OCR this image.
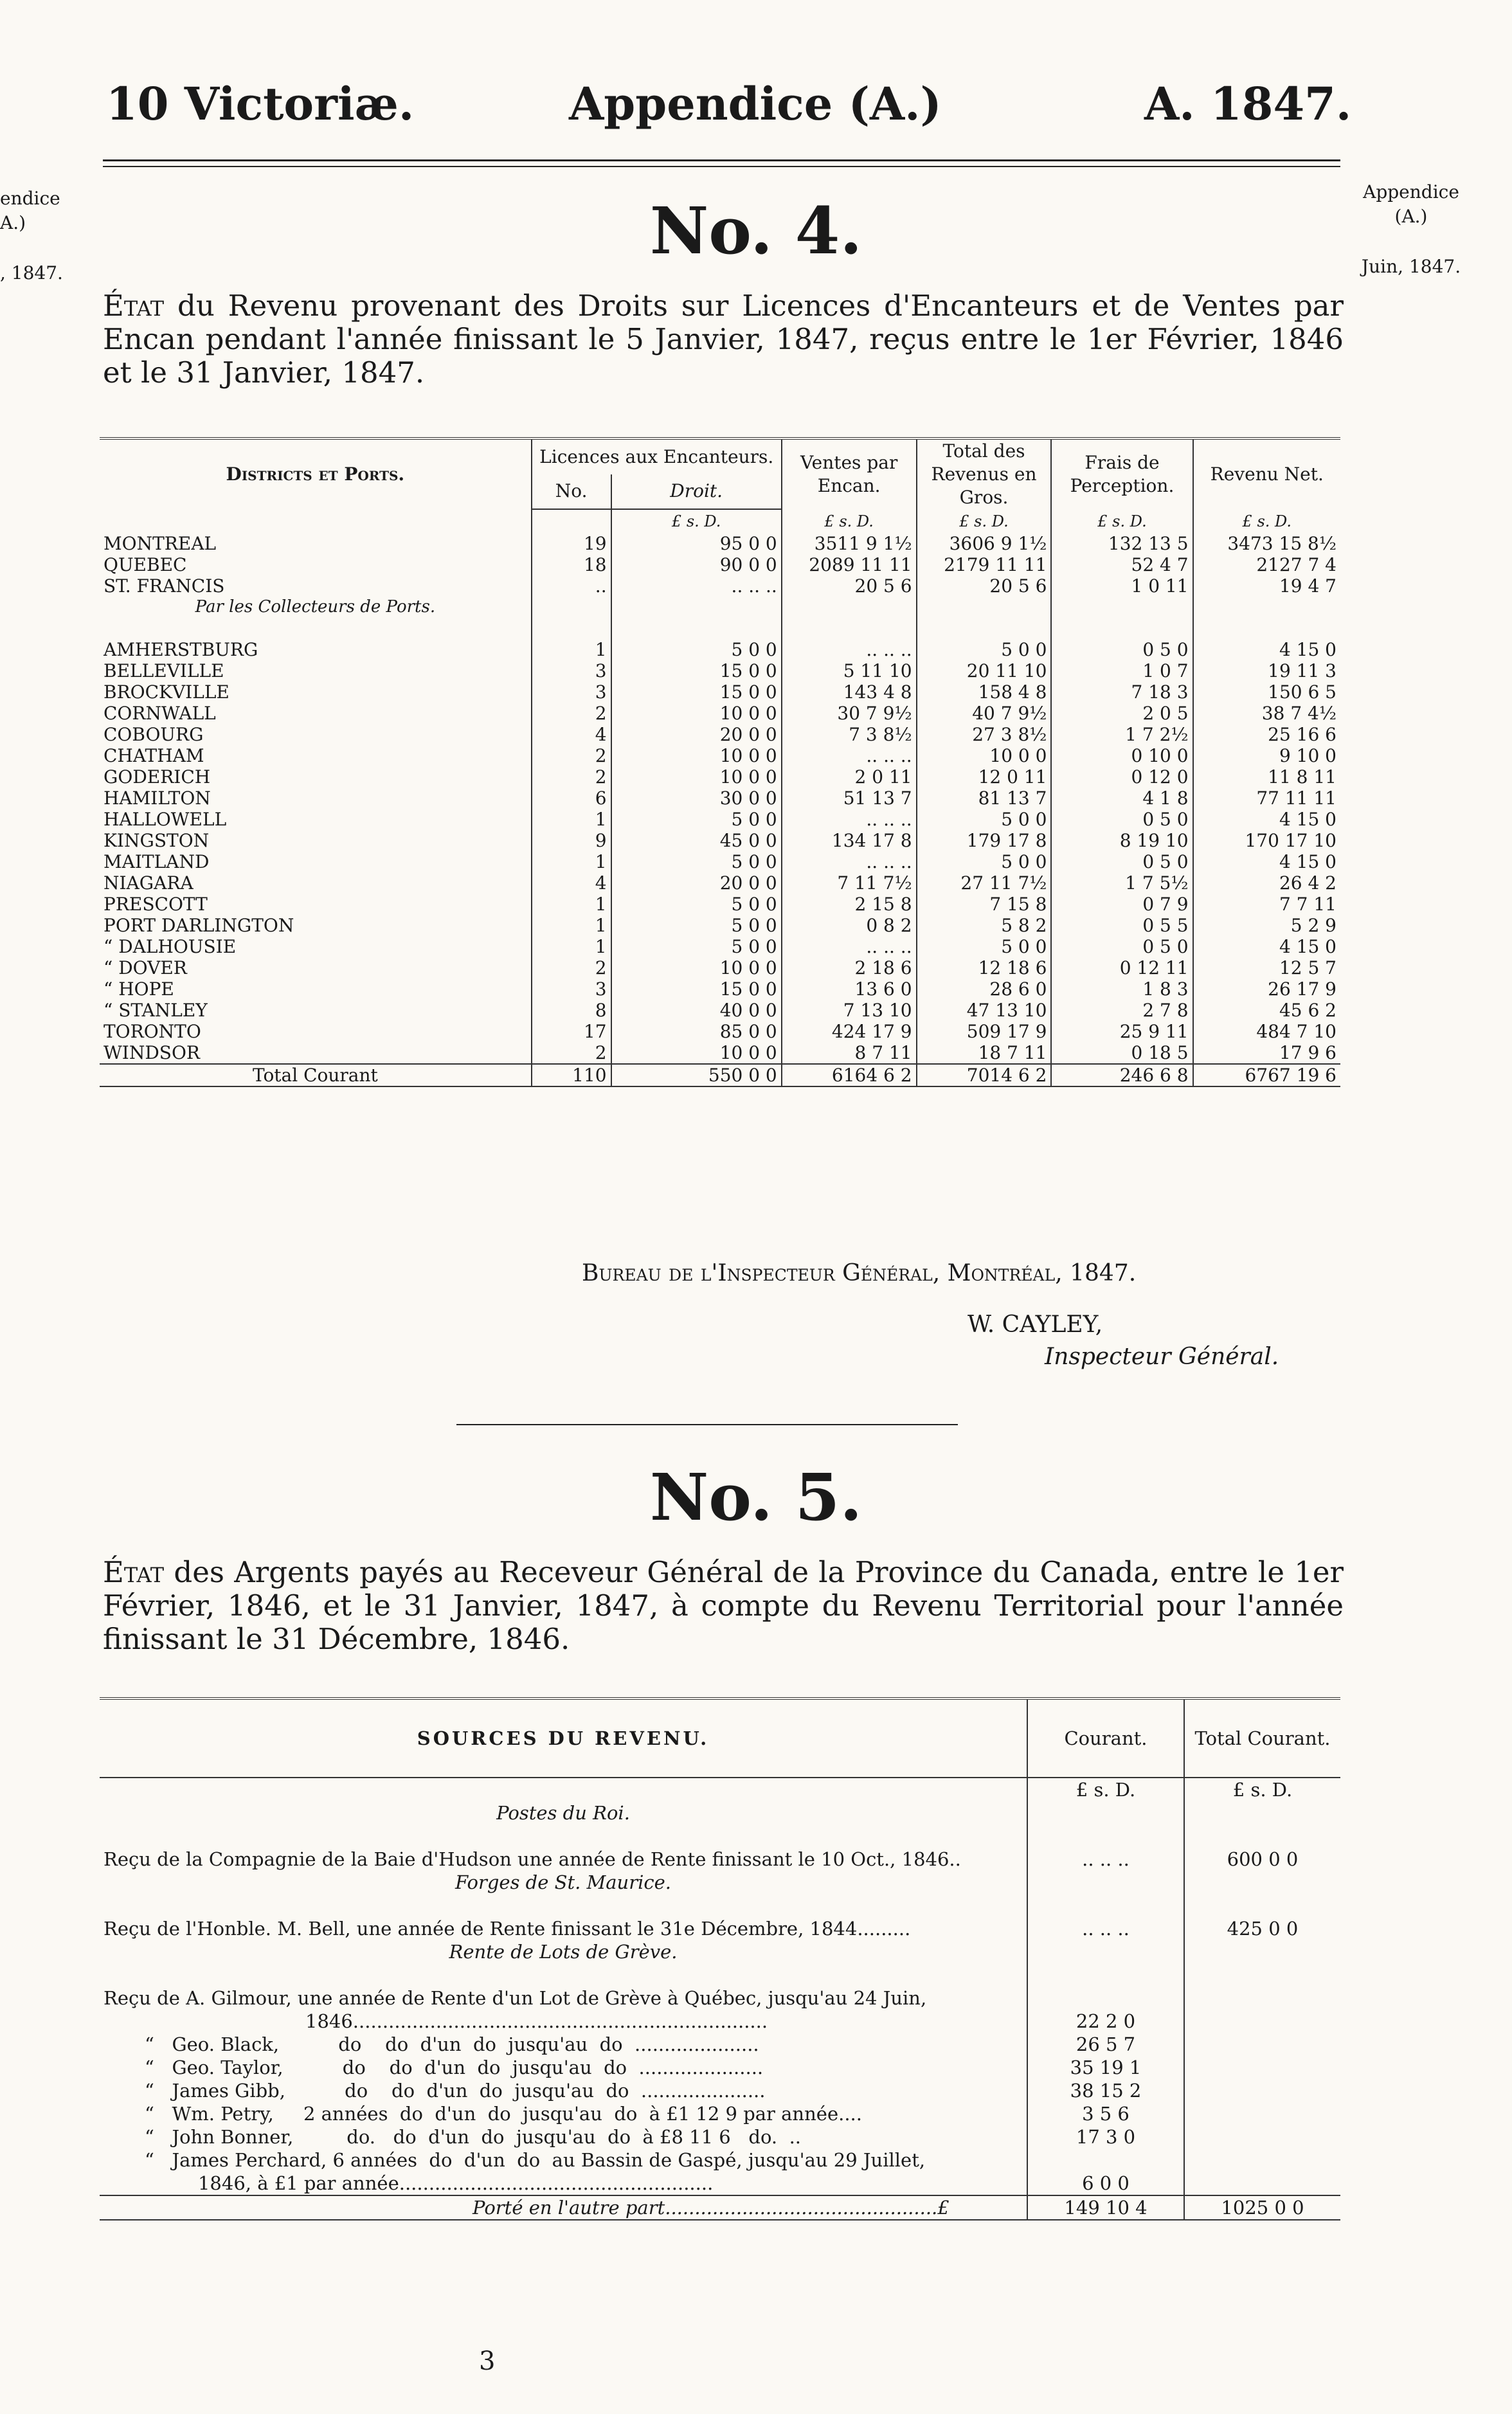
10 Victoriæ.	Appendice (A.)	A. 1847.
endice
A.)
, 1847.
Appendice
(A.)
Juin, 1847.
No. 4.
État du Revenu provenant des Droits sur Licences d'Encanteurs et de Ventes par Encan pendant l'année finissant le 5 Janvier, 1847, reçus entre le 1er Février, 1846 et le 31 Janvier, 1847.
Districts et Ports.	Licences aux Encanteurs.		Ventes par Encan.	Total des Revenus en Gros.	Frais de Perception.	Revenu Net.
	No.	Droit.				
		£ s. D.	£ s. D.	£ s. D.	£ s. D.	£ s. D.
MONTREAL	19	95 0 0	3511 9 1½	3606 9 1½	132 13 5	3473 15 8½
QUEBEC	18	90 0 0	2089 11 11	2179 11 11	52 4 7	2127 7 4
ST. FRANCIS	..	.. .. ..	20 5 6	20 5 6	1 0 11	19 4 7
Par les Collecteurs de Ports.						

AMHERSTBURG	1	5 0 0	.. .. ..	5 0 0	0 5 0	4 15 0
BELLEVILLE	3	15 0 0	5 11 10	20 11 10	1 0 7	19 11 3
BROCKVILLE	3	15 0 0	143 4 8	158 4 8	7 18 3	150 6 5
CORNWALL	2	10 0 0	30 7 9½	40 7 9½	2 0 5	38 7 4½
COBOURG	4	20 0 0	7 3 8½	27 3 8½	1 7 2½	25 16 6
CHATHAM	2	10 0 0	.. .. ..	10 0 0	0 10 0	9 10 0
GODERICH	2	10 0 0	2 0 11	12 0 11	0 12 0	11 8 11
HAMILTON	6	30 0 0	51 13 7	81 13 7	4 1 8	77 11 11
HALLOWELL	1	5 0 0	.. .. ..	5 0 0	0 5 0	4 15 0
KINGSTON	9	45 0 0	134 17 8	179 17 8	8 19 10	170 17 10
MAITLAND	1	5 0 0	.. .. ..	5 0 0	0 5 0	4 15 0
NIAGARA	4	20 0 0	7 11 7½	27 11 7½	1 7 5½	26 4 2
PRESCOTT	1	5 0 0	2 15 8	7 15 8	0 7 9	7 7 11
PORT DARLINGTON	1	5 0 0	0 8 2	5 8 2	0 5 5	5 2 9
“ DALHOUSIE	1	5 0 0	.. .. ..	5 0 0	0 5 0	4 15 0
“ DOVER	2	10 0 0	2 18 6	12 18 6	0 12 11	12 5 7
“ HOPE	3	15 0 0	13 6 0	28 6 0	1 8 3	26 17 9
“ STANLEY	8	40 0 0	7 13 10	47 13 10	2 7 8	45 6 2
TORONTO	17	85 0 0	424 17 9	509 17 9	25 9 11	484 7 10
WINDSOR	2	10 0 0	8 7 11	18 7 11	0 18 5	17 9 6
Total Courant	110	550 0 0	6164 6 2	7014 6 2	246 6 8	6767 19 6
Bureau de l'Inspecteur Général, Montréal, 1847.
W. CAYLEY,
Inspecteur Général.
No. 5.
État des Argents payés au Receveur Général de la Province du Canada, entre le 1er Février, 1846, et le 31 Janvier, 1847, à compte du Revenu Territorial pour l'année finissant le 31 Décembre, 1846.
SOURCES DU REVENU.	Courant.	Total Courant.
	£ s. D.	£ s. D.
Postes du Roi.		

Reçu de la Compagnie de la Baie d'Hudson une année de Rente finissant le 10 Oct., 1846..	.. .. ..	600 0 0
Forges de St. Maurice.		

Reçu de l'Honble. M. Bell, une année de Rente finissant le 31e Décembre, 1844.........	.. .. ..	425 0 0
Rente de Lots de Grève.		

Reçu de A. Gilmour, une année de Rente d'un Lot de Grève à Québec, jusqu'au 24 Juin,		
1846......................................................................	22 2 0	
“   Geo. Black,          do    do  d'un  do  jusqu'au  do  .....................	26 5 7	
“   Geo. Taylor,          do    do  d'un  do  jusqu'au  do  .....................	35 19 1	
“   James Gibb,          do    do  d'un  do  jusqu'au  do  .....................	38 15 2	
“   Wm. Petry,     2 années  do  d'un  do  jusqu'au  do  à £1 12 9 par année....	3 5 6	
“   John Bonner,         do.   do  d'un  do  jusqu'au  do  à £8 11 6   do.  ..	17 3 0	
“   James Perchard, 6 années  do  d'un  do  au Bassin de Gaspé, jusqu'au 29 Juillet,		
1846, à £1 par année.....................................................	6 0 0	
Porté en l'autre part..............................................£	149 10 4	1025 0 0
3
